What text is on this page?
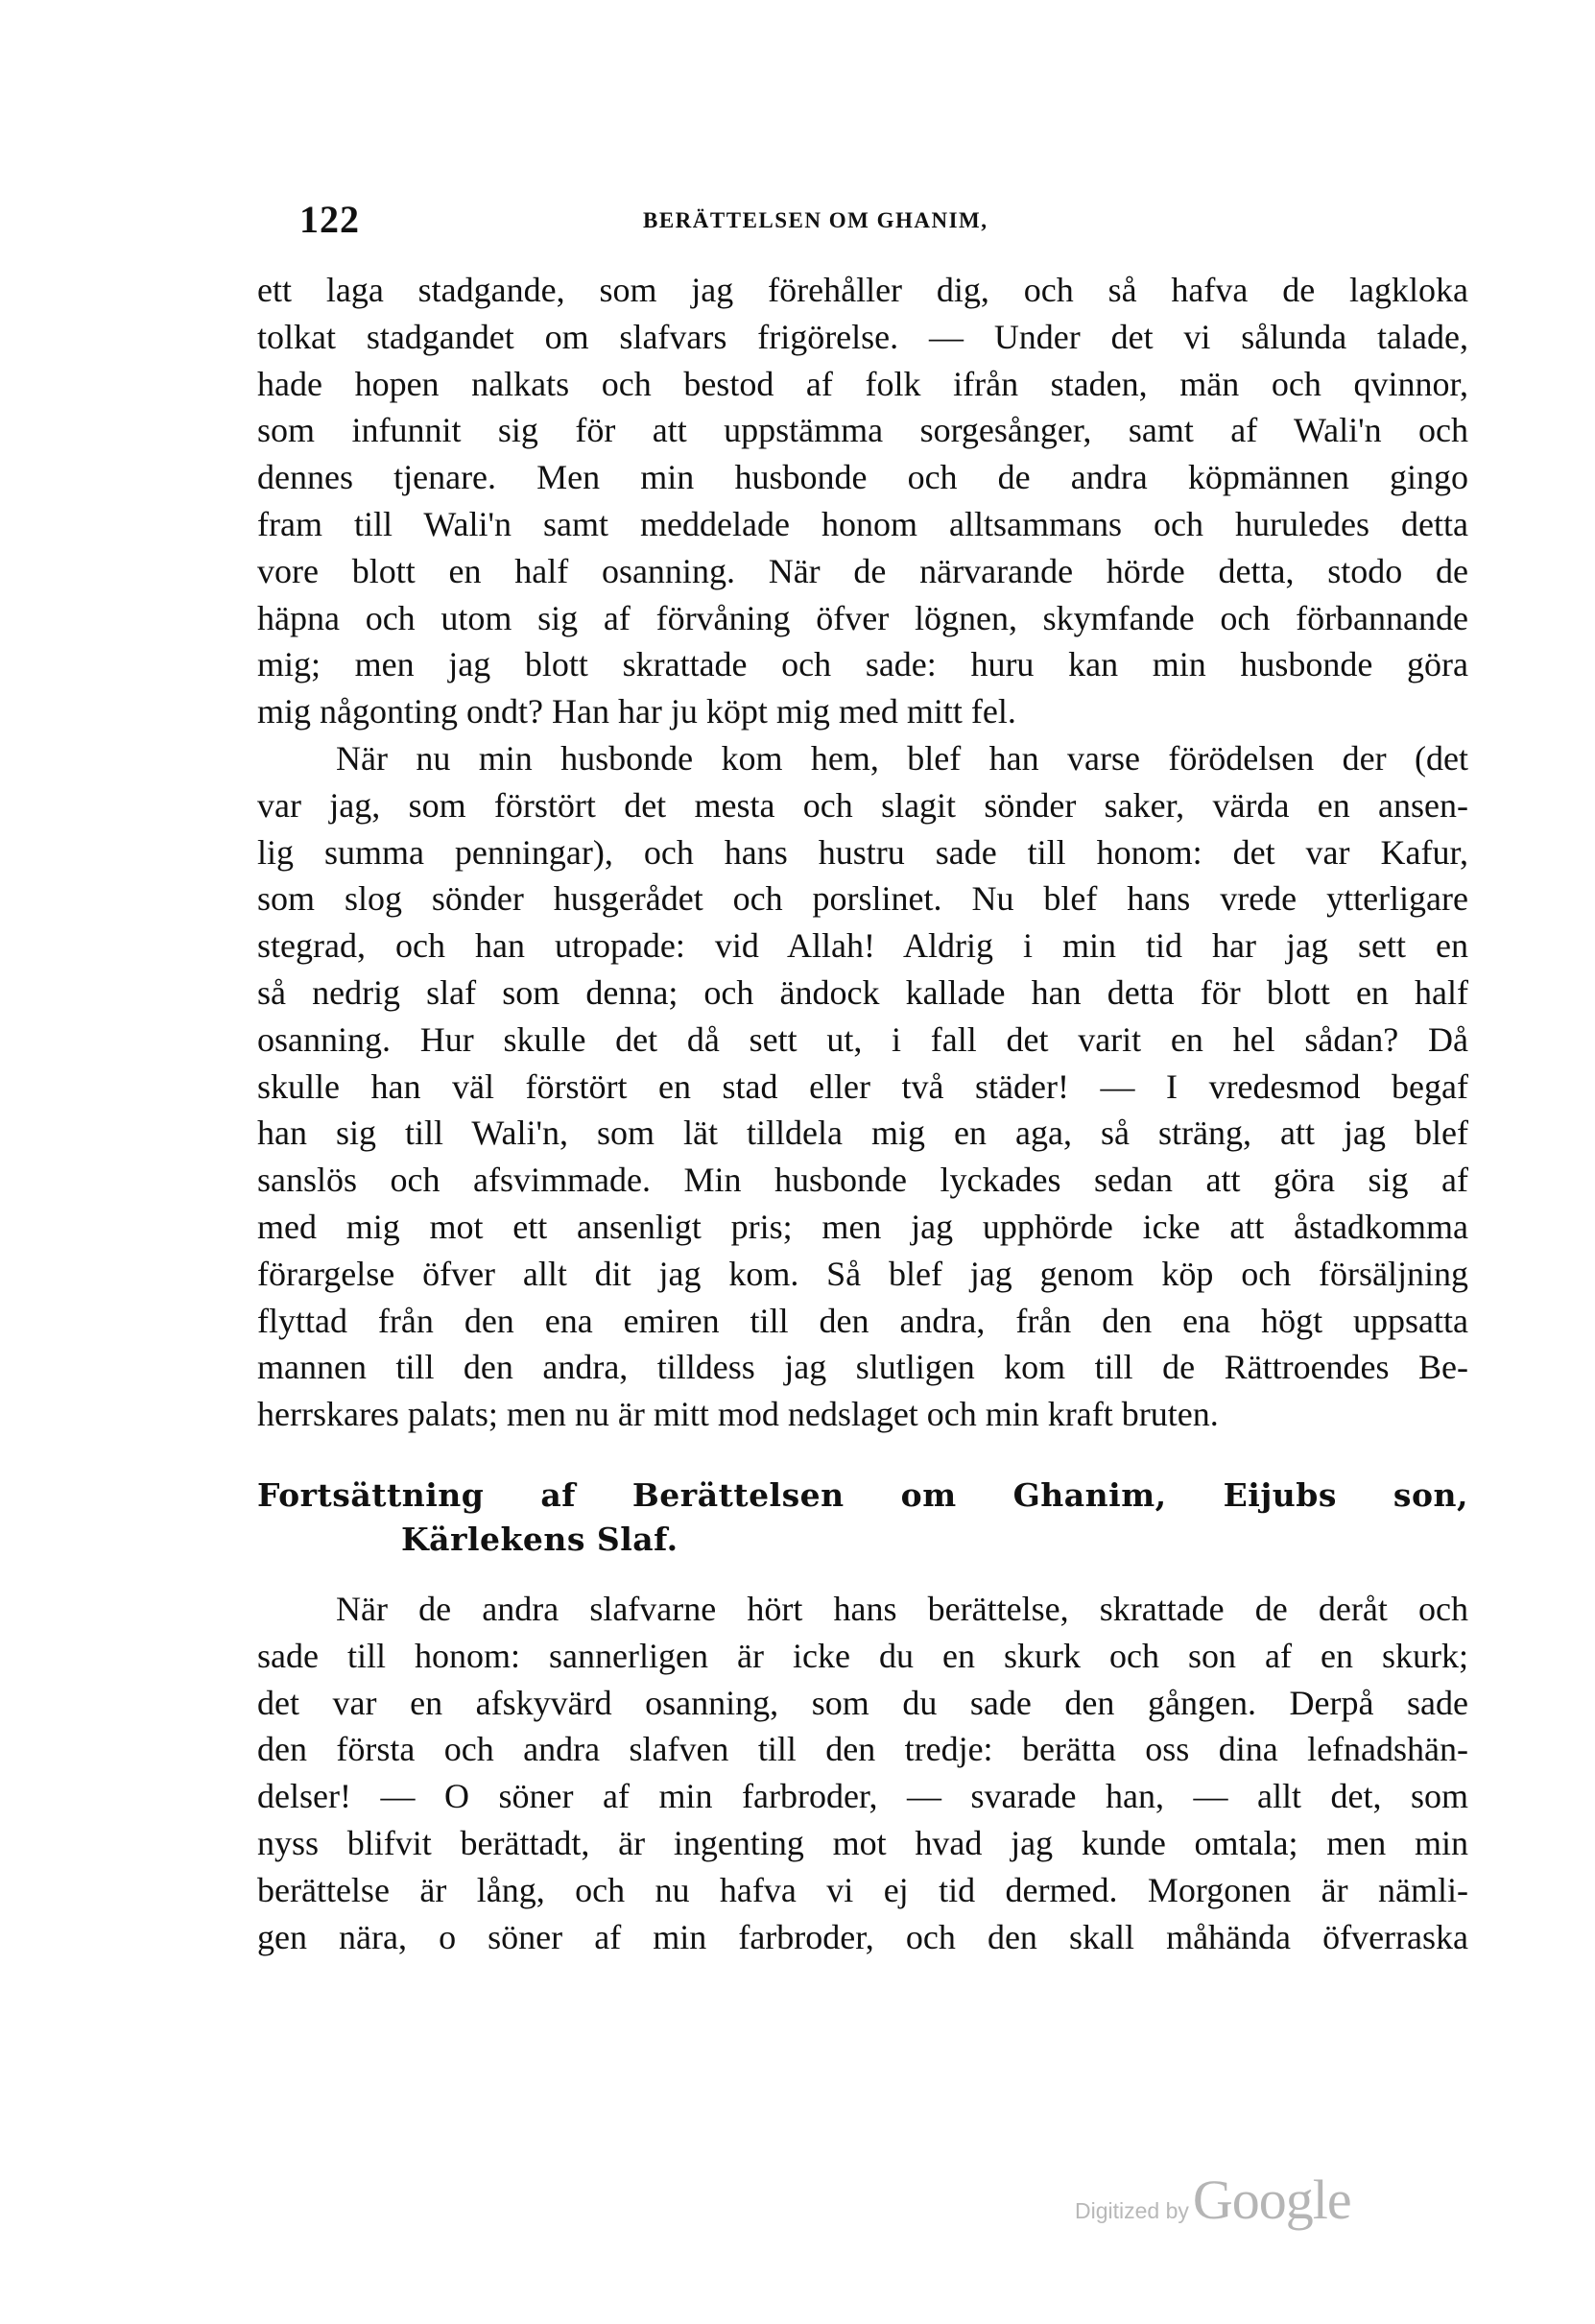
122	BERÄTTELSEN OM GHANIM,
ett laga stadgande, som jag förehåller dig, och så hafva de lagkloka
tolkat stadgandet om slafvars frigörelse. — Under det vi sålunda talade,
hade hopen nalkats och bestod af folk ifrån staden, män och qvinnor,
som infunnit sig för att uppstämma sorgesånger, samt af Wali'n och
dennes tjenare. Men min husbonde och de andra köpmännen gingo
fram till Wali'n samt meddelade honom alltsammans och huruledes detta
vore blott en half osanning. När de närvarande hörde detta, stodo de
häpna och utom sig af förvåning öfver lögnen, skymfande och förbannande
mig; men jag blott skrattade och sade: huru kan min husbonde göra
mig någonting ondt? Han har ju köpt mig med mitt fel.
När nu min husbonde kom hem, blef han varse förödelsen der (det
var jag, som förstört det mesta och slagit sönder saker, värda en ansen-
lig summa penningar), och hans hustru sade till honom: det var Kafur,
som slog sönder husgerådet och porslinet. Nu blef hans vrede ytterligare
stegrad, och han utropade: vid Allah! Aldrig i min tid har jag sett en
så nedrig slaf som denna; och ändock kallade han detta för blott en half
osanning. Hur skulle det då sett ut, i fall det varit en hel sådan? Då
skulle han väl förstört en stad eller två städer! — I vredesmod begaf
han sig till Wali'n, som lät tilldela mig en aga, så sträng, att jag blef
sanslös och afsvimmade. Min husbonde lyckades sedan att göra sig af
med mig mot ett ansenligt pris; men jag upphörde icke att åstadkomma
förargelse öfver allt dit jag kom. Så blef jag genom köp och försäljning
flyttad från den ena emiren till den andra, från den ena högt uppsatta
mannen till den andra, tilldess jag slutligen kom till de Rättroendes Be-
herrskares palats; men nu är mitt mod nedslaget och min kraft bruten.
Fortsättning af Berättelsen om Ghanim, Eijubs son,
Kärlekens Slaf.
När de andra slafvarne hört hans berättelse, skrattade de deråt och
sade till honom: sannerligen är icke du en skurk och son af en skurk;
det var en afskyvärd osanning, som du sade den gången. Derpå sade
den första och andra slafven till den tredje: berätta oss dina lefnadshän-
delser! — O söner af min farbroder, — svarade han, — allt det, som
nyss blifvit berättadt, är ingenting mot hvad jag kunde omtala; men min
berättelse är lång, och nu hafva vi ej tid dermed. Morgonen är nämli-
gen nära, o söner af min farbroder, och den skall måhända öfverraska
Digitized by Google
